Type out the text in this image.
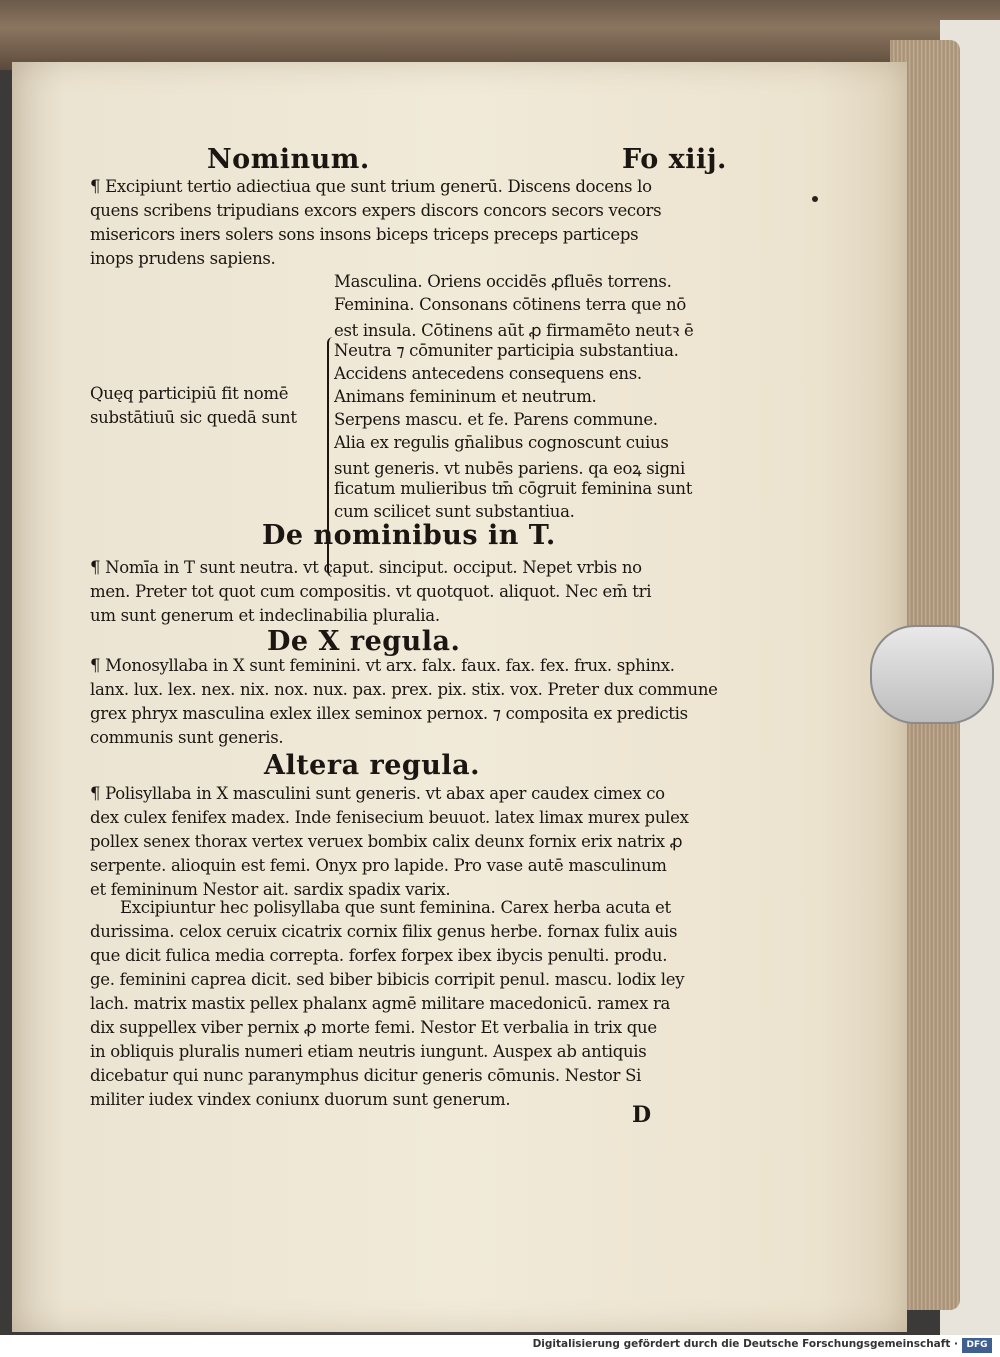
Nominum.	Fo xiij.
¶ Excipiunt tertio adiectiua que sunt trium generū. Discens docens lo
quens scribens tripudians excors expers discors concors secors vecors
misericors iners solers sons insons biceps triceps preceps particeps
inops prudens sapiens.
Quęq participiū fit nomē
substātiuū sic quedā sunt
Masculina. Oriens occidēs ꝓfluēs torrens.
Feminina. Consonans cōtinens terra que nō
est insula. Cōtinens aūt ꝓ firmamēto neutꝛ ē
Neutra ⁊ cōmuniter participia substantiua.
Accidens antecedens consequens ens.
Animans femininum et neutrum.
Serpens mascu. et fe. Parens commune.
Alia ex regulis gn̄alibus cognoscunt cuius
sunt generis. vt nubēs pariens. qa eoꝝ signi
ficatum mulieribus tm̄ cōgruit feminina sunt
cum scilicet sunt substantiua.
De nominibus in T.
¶ Nomīa in T sunt neutra. vt caput. sinciput. occiput. Nepet vrbis no
men. Preter tot quot cum compositis. vt quotquot. aliquot. Nec em̄ tri
um sunt generum et indeclinabilia pluralia.
De X regula.
¶ Monosyllaba in X sunt feminini. vt arx. falx. faux. fax. fex. frux. sphinx.
lanx. lux. lex. nex. nix. nox. nux. pax. prex. pix. stix. vox. Preter dux commune
grex phryx masculina exlex illex seminox pernox. ⁊ composita ex predictis
communis sunt generis.
Altera regula.
¶ Polisyllaba in X masculini sunt generis. vt abax aper caudex cimex co
dex culex fenifex madex. Inde fenisecium beuuot. latex limax murex pulex
pollex senex thorax vertex veruex bombix calix deunx fornix erix natrix ꝓ
serpente. alioquin est femi. Onyx pro lapide. Pro vase autē masculinum
et femininum Nestor ait. sardix spadix varix.
Excipiuntur hec polisyllaba que sunt feminina. Carex herba acuta et
durissima. celox ceruix cicatrix cornix filix genus herbe. fornax fulix auis
que dicit fulica media correpta. forfex forpex ibex ibycis penulti. produ.
ge. feminini caprea dicit. sed biber bibicis corripit penul. mascu. lodix ley
lach. matrix mastix pellex phalanx agmē militare macedonicū. ramex ra
dix suppellex viber pernix ꝓ morte femi. Nestor Et verbalia in trix que
in obliquis pluralis numeri etiam neutris iungunt. Auspex ab antiquis
dicebatur qui nunc paranymphus dicitur generis cōmunis. Nestor Si
militer iudex vindex coniunx duorum sunt generum.
D
Digitalisierung gefördert durch die Deutsche Forschungsgemeinschaft · DFG
